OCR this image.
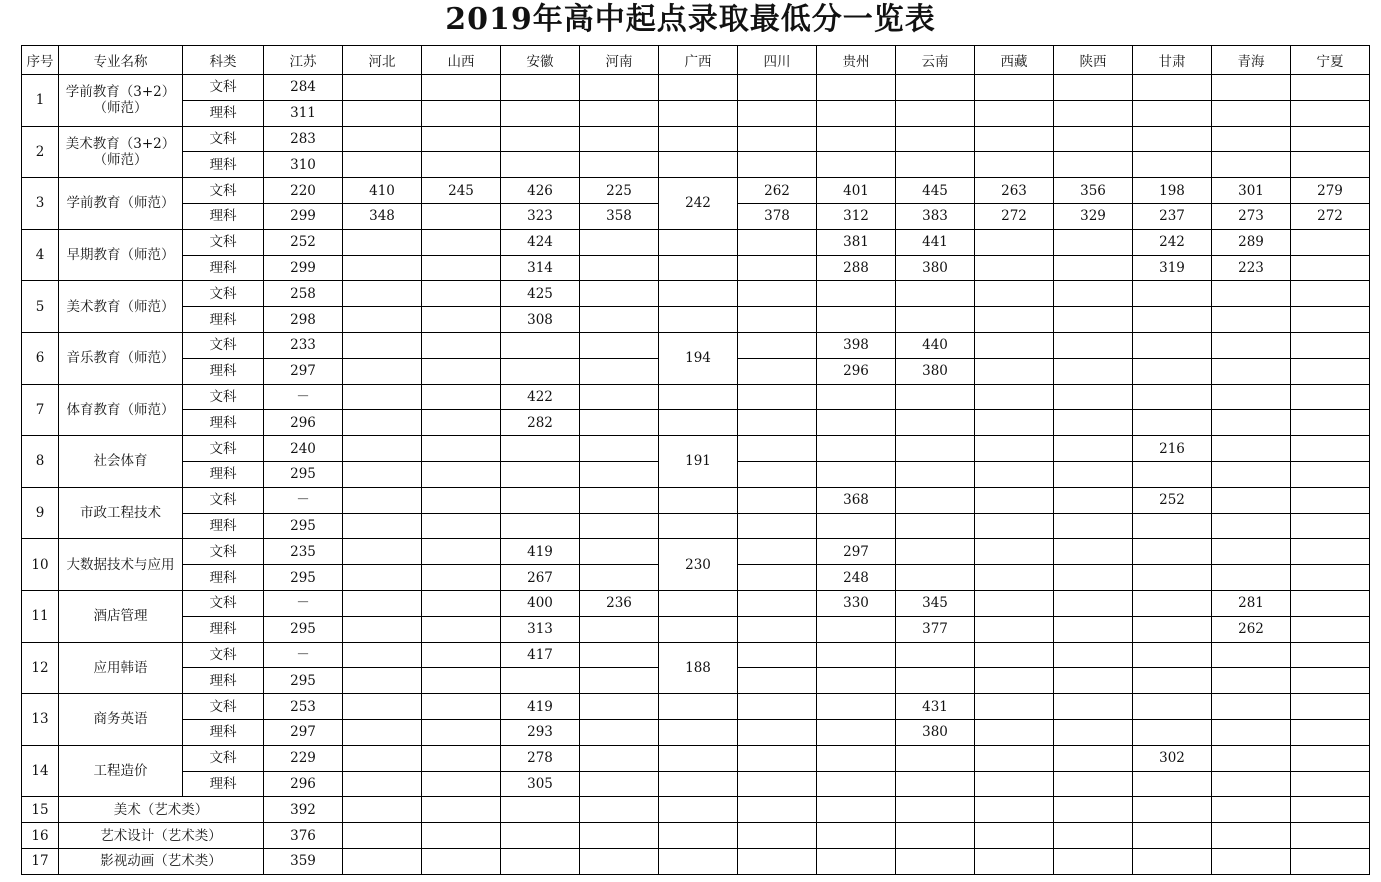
2019年高中起点录取最低分一览表
序号	专业名称	科类	江苏	河北	山西	安徽	河南	广西	四川	贵州	云南	西藏	陕西	甘肃	青海	宁夏
1	学前教育（3+2）（师范）	文科	284													
		理科	311													
2	美术教育（3+2）（师范）	文科	283													
		理科	310													
3	学前教育（师范）	文科	220	410	245	426	225	242	262	401	445	263	356	198	301	279
		理科	299	348		323	358		378	312	383	272	329	237	273	272
4	早期教育（师范）	文科	252			424				381	441			242	289	
		理科	299			314				288	380			319	223	
5	美术教育（师范）	文科	258			425										
		理科	298			308										
6	音乐教育（师范）	文科	233					194		398	440					
		理科	297							296	380					
7	体育教育（师范）	文科	－			422										
		理科	296			282										
8	社会体育	文科	240					191						216		
		理科	295													
9	市政工程技术	文科	－							368				252		
		理科	295													
10	大数据技术与应用	文科	235			419		230		297						
		理科	295			267				248						
11	酒店管理	文科	－			400	236			330	345				281	
		理科	295			313					377				262	
12	应用韩语	文科	－			417		188								
		理科	295													
13	商务英语	文科	253			419					431					
		理科	297			293					380					
14	工程造价	文科	229			278								302		
		理科	296			305										
15	美术（艺术类）		392													
16	艺术设计（艺术类）		376													
17	影视动画（艺术类）		359													
